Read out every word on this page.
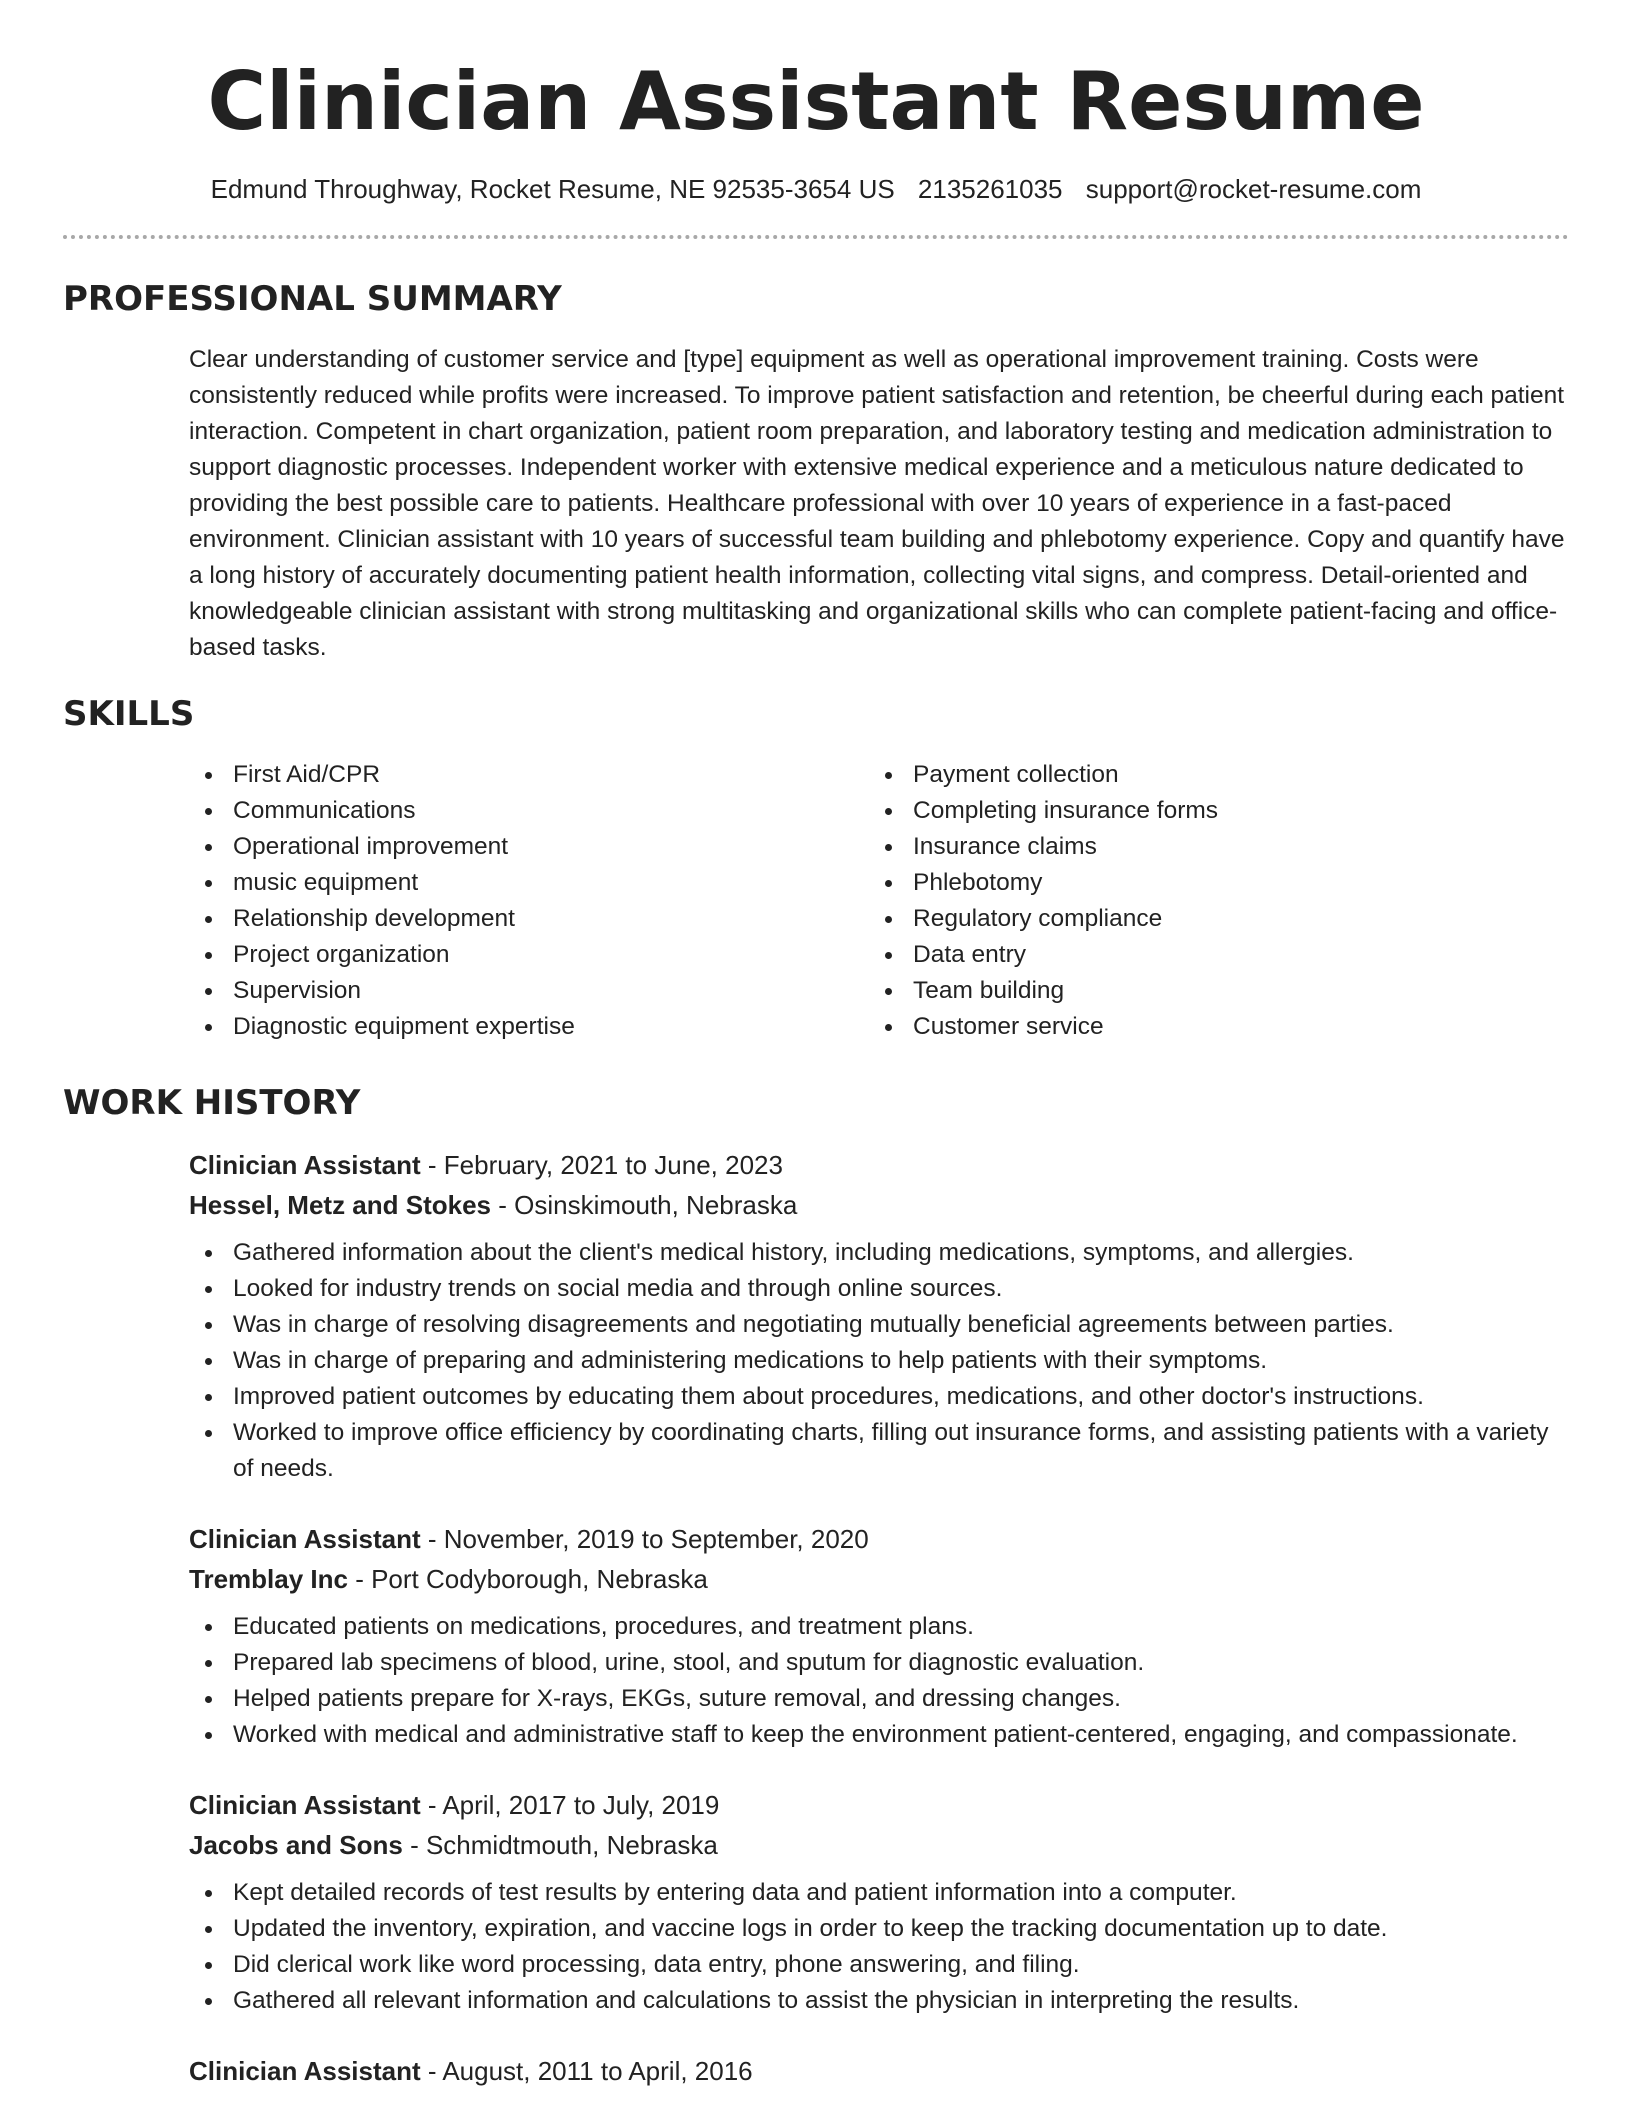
Clinician Assistant Resume
Edmund Throughway, Rocket Resume, NE 92535-3654 US 2135261035 support@rocket-resume.com
PROFESSIONAL SUMMARY

Clear understanding of customer service and [type] equipment as well as operational improvement training. Costs were consistently reduced while profits were increased. To improve patient satisfaction and retention, be cheerful during each patient interaction. Competent in chart organization, patient room preparation, and laboratory testing and medication administration to support diagnostic processes. Independent worker with extensive medical experience and a meticulous nature dedicated to providing the best possible care to patients. Healthcare professional with over 10 years of experience in a fast-paced environment. Clinician assistant with 10 years of successful team building and phlebotomy experience. Copy and quantify have a long history of accurately documenting patient health information, collecting vital signs, and compress. Detail-oriented and knowledgeable clinician assistant with strong multitasking and organizational skills who can complete patient-facing and office-based tasks.

SKILLS
First Aid/CPR
Communications
Operational improvement
music equipment
Relationship development
Project organization
Supervision
Diagnostic equipment expertise
Payment collection
Completing insurance forms
Insurance claims
Phlebotomy
Regulatory compliance
Data entry
Team building
Customer service
WORK HISTORY
Clinician Assistant - February, 2021 to June, 2023
Hessel, Metz and Stokes - Osinskimouth, Nebraska
Gathered information about the client's medical history, including medications, symptoms, and allergies.
Looked for industry trends on social media and through online sources.
Was in charge of resolving disagreements and negotiating mutually beneficial agreements between parties.
Was in charge of preparing and administering medications to help patients with their symptoms.
Improved patient outcomes by educating them about procedures, medications, and other doctor's instructions.
Worked to improve office efficiency by coordinating charts, filling out insurance forms, and assisting patients with a variety of needs.
Clinician Assistant - November, 2019 to September, 2020
Tremblay Inc - Port Codyborough, Nebraska
Educated patients on medications, procedures, and treatment plans.
Prepared lab specimens of blood, urine, stool, and sputum for diagnostic evaluation.
Helped patients prepare for X-rays, EKGs, suture removal, and dressing changes.
Worked with medical and administrative staff to keep the environment patient-centered, engaging, and compassionate.
Clinician Assistant - April, 2017 to July, 2019
Jacobs and Sons - Schmidtmouth, Nebraska
Kept detailed records of test results by entering data and patient information into a computer.
Updated the inventory, expiration, and vaccine logs in order to keep the tracking documentation up to date.
Did clerical work like word processing, data entry, phone answering, and filing.
Gathered all relevant information and calculations to assist the physician in interpreting the results.
Clinician Assistant - August, 2011 to April, 2016
